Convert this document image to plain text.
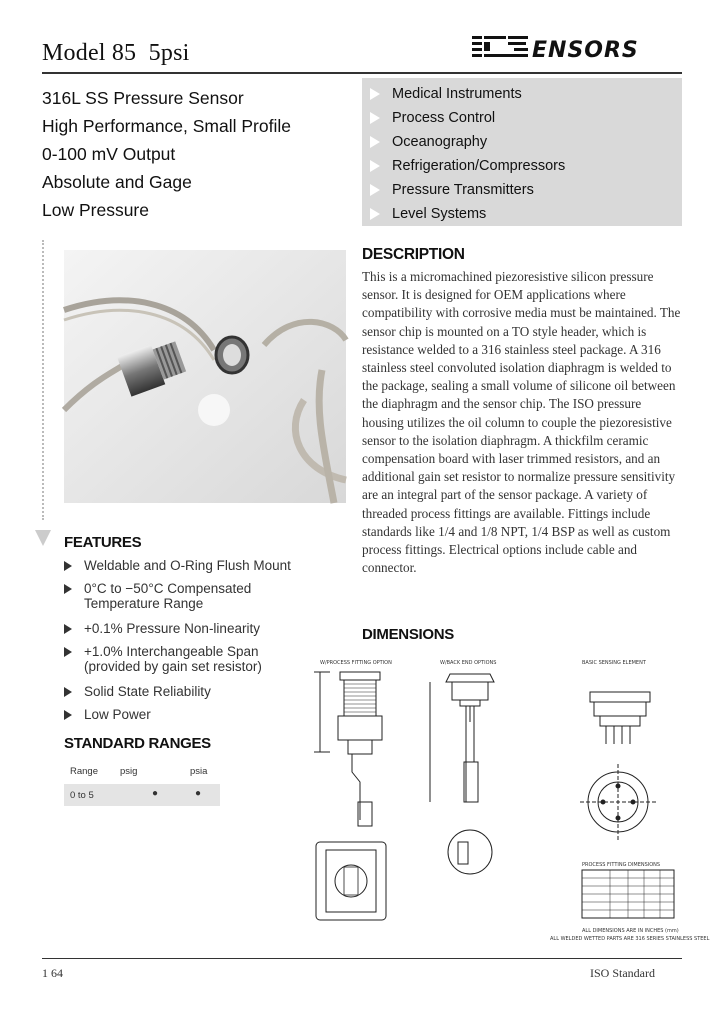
Model 85 5psi	ENSORS
316L SS Pressure Sensor
High Performance, Small Profile
0-100 mV Output
Absolute and Gage
Low Pressure
Medical Instruments
Process Control
Oceanography
Refrigeration/Compressors
Pressure Transmitters
Level Systems
DESCRIPTION
This is a micromachined piezoresistive silicon pressure sensor. It is designed for OEM applications where compatibility with corrosive media must be maintained. The sensor chip is mounted on a TO style header, which is resistance welded to a 316 stainless steel package. A 316 stainless steel convoluted isolation diaphragm is welded to the package, sealing a small volume of silicone oil between the diaphragm and the sensor chip. The ISO pressure housing utilizes the oil column to couple the piezoresistive sensor to the isolation diaphragm. A thickfilm ceramic compensation board with laser trimmed resistors, and an additional gain set resistor to normalize pressure sensitivity are an integral part of the sensor package. A variety of threaded process fittings are available. Fittings include standards like 1/4 and 1/8 NPT, 1/4 BSP as well as custom process fittings. Electrical options include cable and connector.
FEATURES
Weldable and O-Ring Flush Mount
0°C to −50°C Compensated
Temperature Range
+0.1% Pressure Non-linearity
+1.0% Interchangeable Span
(provided by gain set resistor)
Solid State Reliability
Low Power
STANDARD RANGES
Range psig	psia
0 to 5	●	●
DIMENSIONS
W/PROCESS FITTING OPTION	W/BACK END OPTIONS	BASIC SENSING ELEMENT
PROCESS FITTING DIMENSIONS
ALL DIMENSIONS ARE IN INCHES (mm)
ALL WELDED WETTED PARTS ARE 316 SERIES STAINLESS STEEL
1 64	ISO Standard
